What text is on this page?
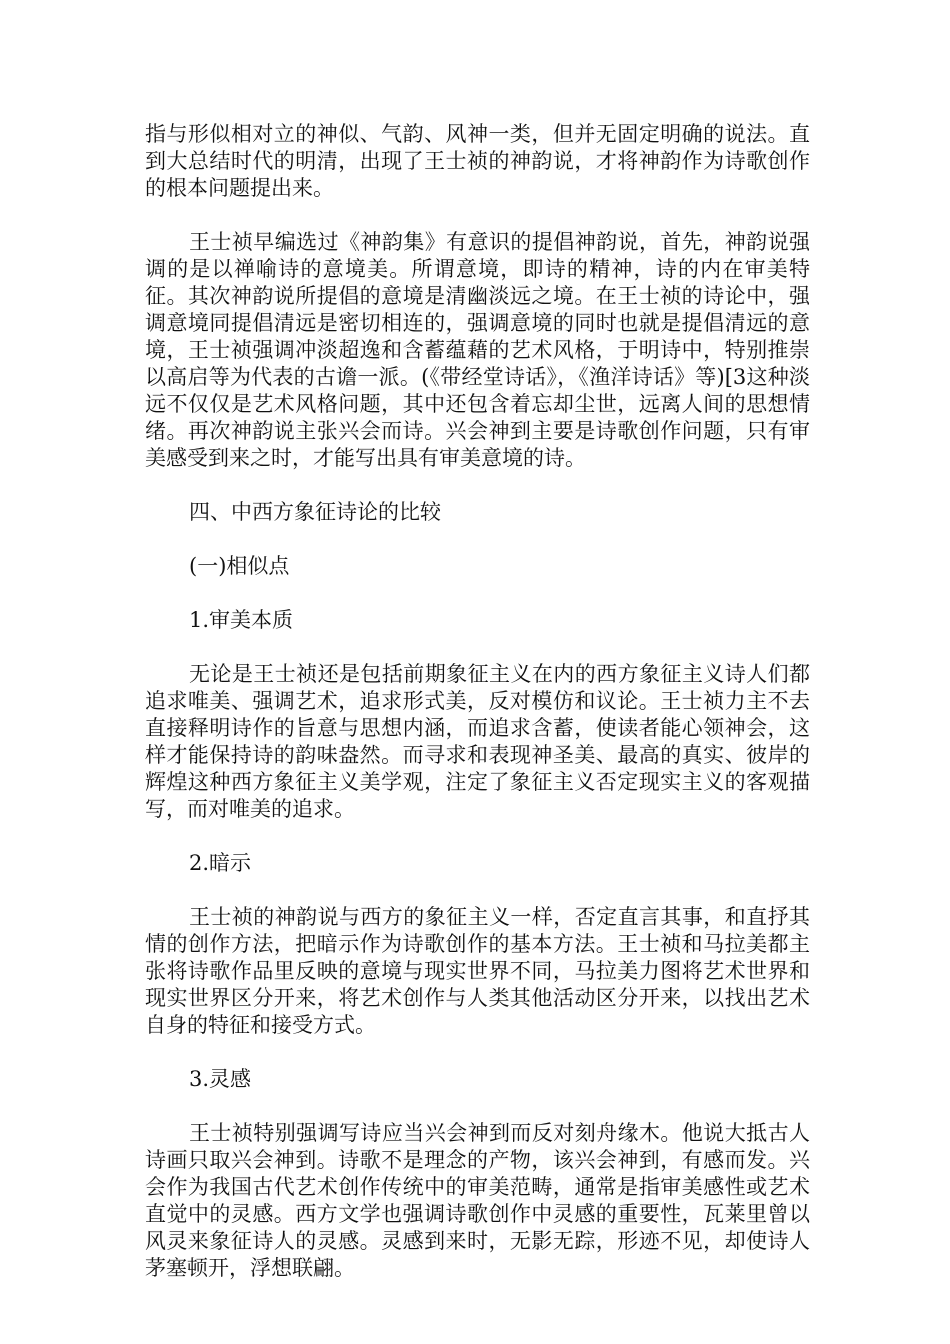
指与形似相对立的神似、气韵、风神一类，但并无固定明确的说法。直到大总结时代的明清，出现了王士祯的神韵说，才将神韵作为诗歌创作的根本问题提出来。

王士祯早编选过《神韵集》有意识的提倡神韵说，首先，神韵说强调的是以禅喻诗的意境美。所谓意境，即诗的精神，诗的内在审美特征。其次神韵说所提倡的意境是清幽淡远之境。在王士祯的诗论中，强调意境同提倡清远是密切相连的，强调意境的同时也就是提倡清远的意境，王士祯强调冲淡超逸和含蓄蕴藉的艺术风格，于明诗中，特别推崇以高启等为代表的古谵一派。(《带经堂诗话》，《渔洋诗话》等)[3这种淡远不仅仅是艺术风格问题，其中还包含着忘却尘世，远离人间的思想情绪。再次神韵说主张兴会而诗。兴会神到主要是诗歌创作问题，只有审美感受到来之时，才能写出具有审美意境的诗。

四、中西方象征诗论的比较

(一)相似点

1.审美本质

无论是王士祯还是包括前期象征主义在内的西方象征主义诗人们都追求唯美、强调艺术，追求形式美，反对模仿和议论。王士祯力主不去直接释明诗作的旨意与思想内涵，而追求含蓄，使读者能心领神会，这样才能保持诗的韵味盎然。而寻求和表现神圣美、最高的真实、彼岸的辉煌这种西方象征主义美学观，注定了象征主义否定现实主义的客观描写，而对唯美的追求。

2.暗示

王士祯的神韵说与西方的象征主义一样，否定直言其事，和直抒其情的创作方法，把暗示作为诗歌创作的基本方法。王士祯和马拉美都主张将诗歌作品里反映的意境与现实世界不同，马拉美力图将艺术世界和现实世界区分开来，将艺术创作与人类其他活动区分开来，以找出艺术自身的特征和接受方式。

3.灵感

王士祯特别强调写诗应当兴会神到而反对刻舟缘木。他说大抵古人诗画只取兴会神到。诗歌不是理念的产物，该兴会神到，有感而发。兴会作为我国古代艺术创作传统中的审美范畴，通常是指审美感性或艺术直觉中的灵感。西方文学也强调诗歌创作中灵感的重要性，瓦莱里曾以风灵来象征诗人的灵感。灵感到来时，无影无踪，形迹不见，却使诗人茅塞顿开，浮想联翩。
